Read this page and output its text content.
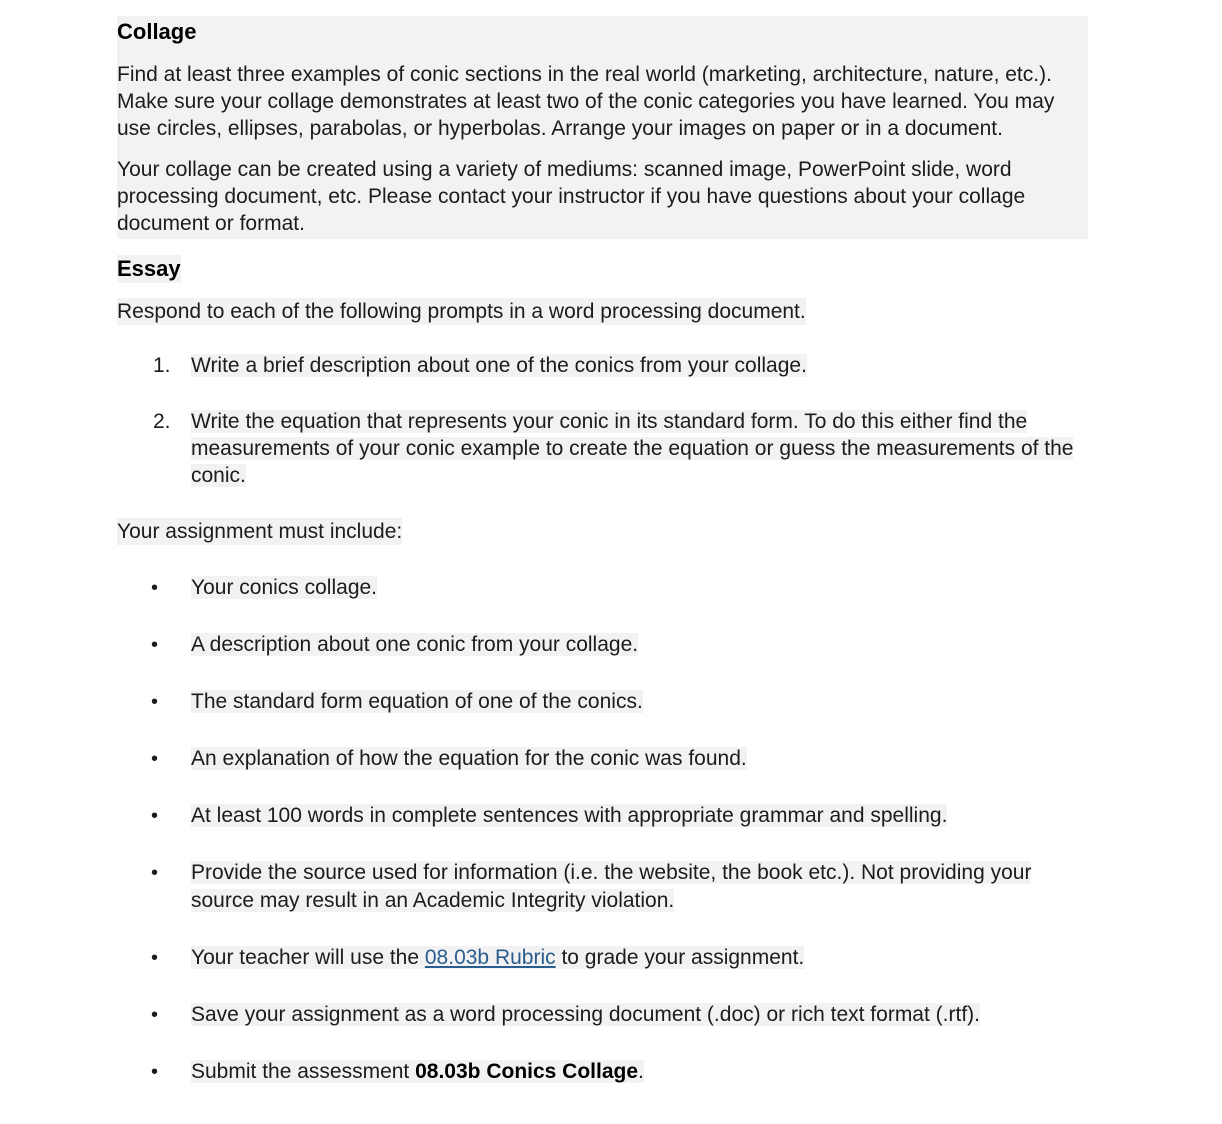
Collage

Find at least three examples of conic sections in the real world (marketing, architecture, nature, etc.). Make sure your collage demonstrates at least two of the conic categories you have learned. You may use circles, ellipses, parabolas, or hyperbolas. Arrange your images on paper or in a document.

Your collage can be created using a variety of mediums: scanned image, PowerPoint slide, word processing document, etc. Please contact your instructor if you have questions about your collage document or format.

Essay

Respond to each of the following prompts in a word processing document.

1. Write a brief description about one of the conics from your collage.
2. Write the equation that represents your conic in its standard form. To do this either find the measurements of your conic example to create the equation or guess the measurements of the conic.

Your assignment must include:

• Your conics collage.
• A description about one conic from your collage.
• The standard form equation of one of the conics.
• An explanation of how the equation for the conic was found.
• At least 100 words in complete sentences with appropriate grammar and spelling.
• Provide the source used for information (i.e. the website, the book etc.). Not providing your source may result in an Academic Integrity violation.
• Your teacher will use the 08.03b Rubric to grade your assignment.
• Save your assignment as a word processing document (.doc) or rich text format (.rtf).
• Submit the assessment 08.03b Conics Collage.
